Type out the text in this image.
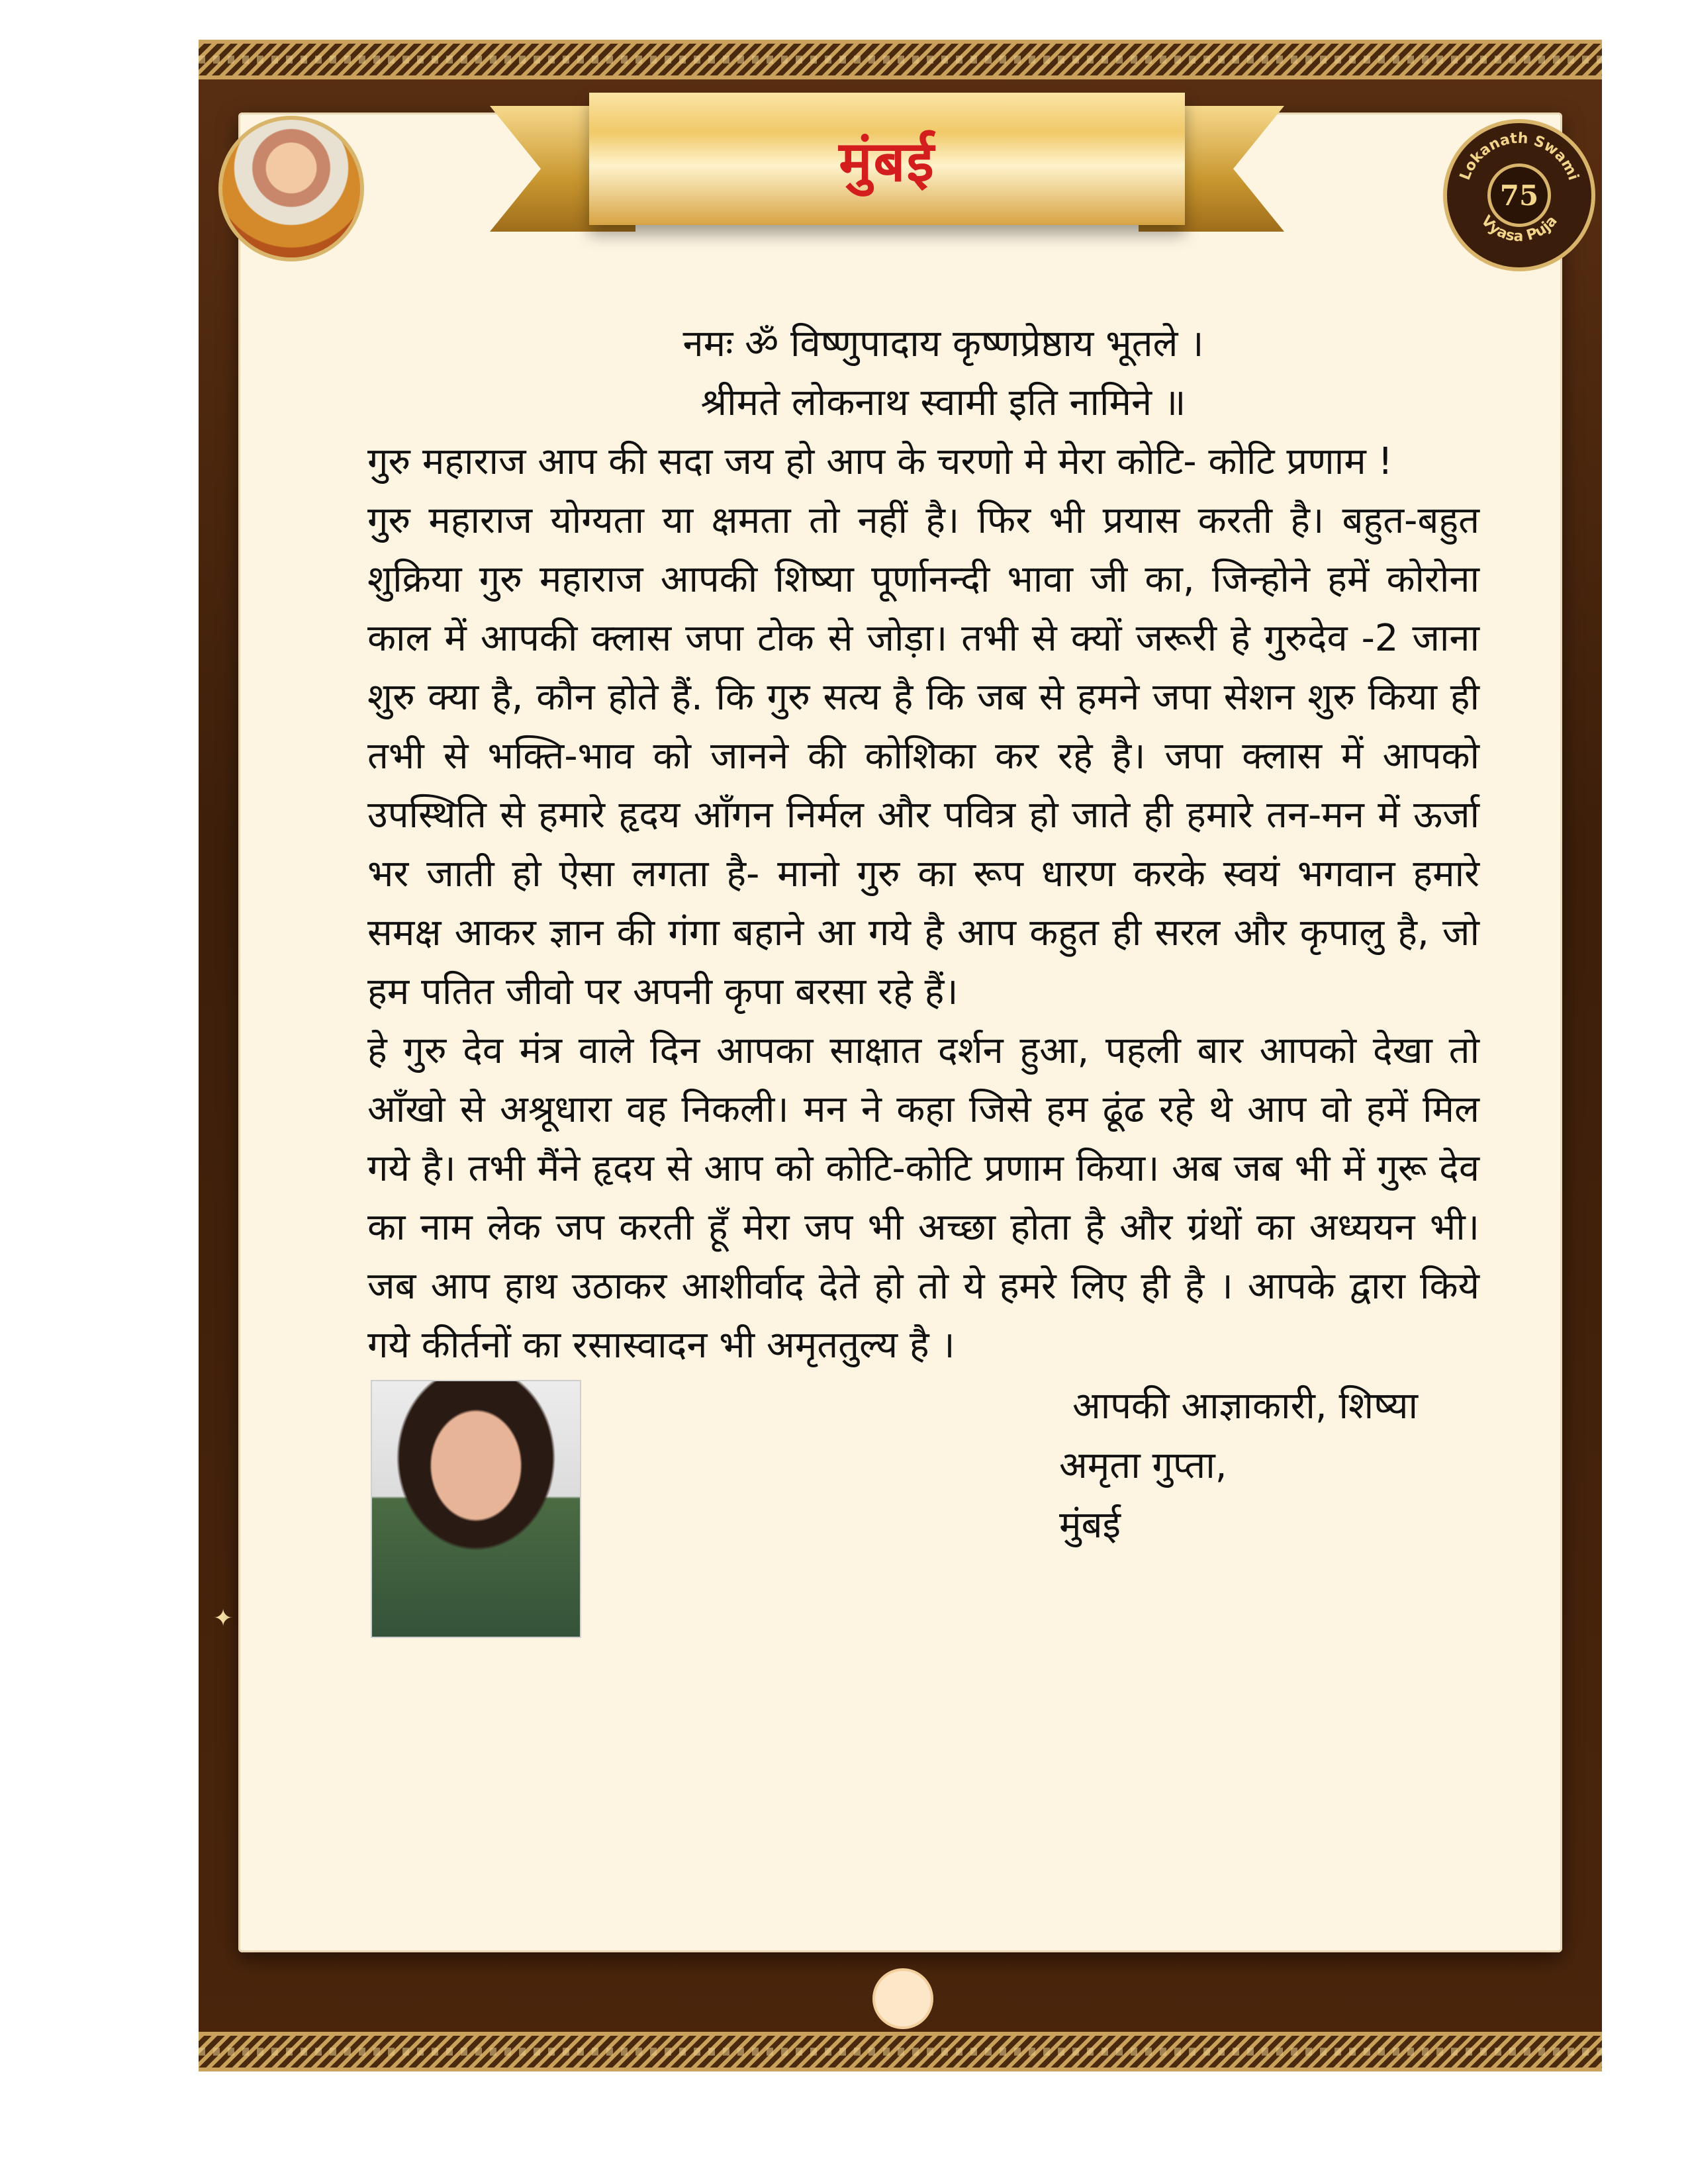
✦
Lokanath Swami
Vyasa Puja
75
मुंबई

नमः ॐ विष्णुपादाय कृष्णप्रेष्ठाय भूतले ।

श्रीमते लोकनाथ स्वामी इति नामिने ॥

गुरु महाराज आप की सदा जय हो आप के चरणो मे मेरा कोटि- कोटि प्रणाम !

गुरु महाराज योग्यता या क्षमता तो नहीं है। फिर भी प्रयास करती है। बहुत-बहुत शुक्रिया गुरु महाराज आपकी शिष्या पूर्णानन्दी भावा जी का, जिन्होने हमें कोरोना काल में आपकी क्लास जपा टोक से जोड़ा। तभी से क्यों जरूरी हे गुरुदेव -2 जाना शुरु क्या है, कौन होते हैं. कि गुरु सत्य है कि जब से हमने जपा सेशन शुरु किया ही तभी से भक्ति-भाव को जानने की कोशिका कर रहे है। जपा क्लास में आपको उपस्थिति से हमारे हृदय आँगन निर्मल और पवित्र हो जाते ही हमारे तन-मन में ऊर्जा भर जाती हो ऐसा लगता है- मानो गुरु का रूप धारण करके स्वयं भगवान हमारे समक्ष आकर ज्ञान की गंगा बहाने आ गये है आप कहुत ही सरल और कृपालु है, जो हम पतित जीवो पर अपनी कृपा बरसा रहे हैं।

हे गुरु देव मंत्र वाले दिन आपका साक्षात दर्शन हुआ, पहली बार आपको देखा तो आँखो से अश्रूधारा वह निकली। मन ने कहा जिसे हम ढूंढ रहे थे आप वो हमें मिल गये है। तभी मैंने हृदय से आप को कोटि-कोटि प्रणाम किया। अब जब भी में गुरू देव का नाम लेक जप करती हूँ मेरा जप भी अच्छा होता है और ग्रंथों का अध्ययन भी। जब आप हाथ उठाकर आशीर्वाद देते हो तो ये हमरे लिए ही है । आपके द्वारा किये गये कीर्तनों का रसास्वादन भी अमृततुल्य है ।

आपकी आज्ञाकारी, शिष्या
अमृता गुप्ता,
मुंबई
